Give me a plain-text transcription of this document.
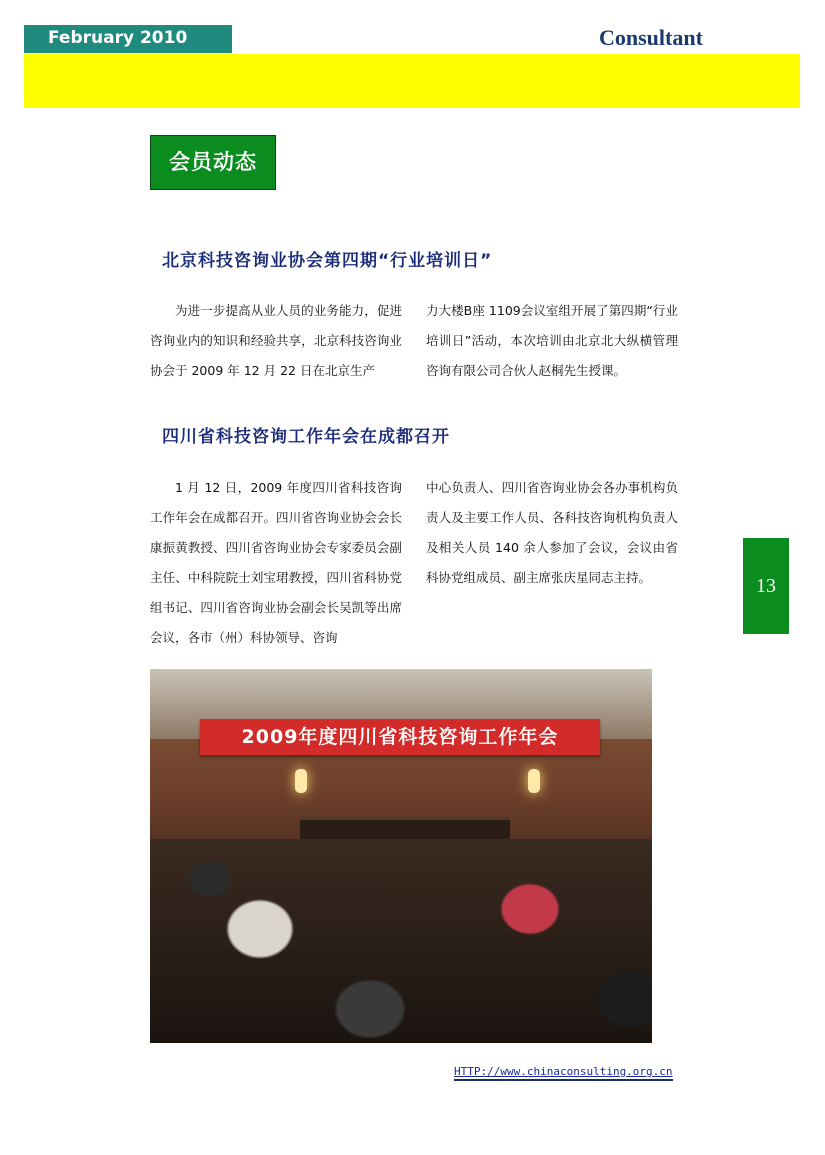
February 2010	Consultant
会员动态
北京科技咨询业协会第四期“行业培训日”

为进一步提高从业人员的业务能力，促进咨询业内的知识和经验共享，北京科技咨询业协会于 2009 年 12 月 22 日在北京生产

力大楼B座 1109会议室组开展了第四期“行业培训日”活动，本次培训由北京北大纵横管理咨询有限公司合伙人赵桐先生授课。

四川省科技咨询工作年会在成都召开

1 月 12 日，2009 年度四川省科技咨询工作年会在成都召开。四川省咨询业协会会长康振黄教授、四川省咨询业协会专家委员会副主任、中科院院士刘宝珺教授，四川省科协党组书记、四川省咨询业协会副会长吴凯等出席会议，各市（州）科协领导、咨询

中心负责人、四川省咨询业协会各办事机构负责人及主要工作人员、各科技咨询机构负责人及相关人员 140 余人参加了会议，会议由省科协党组成员、副主席张庆星同志主持。	13
2009年度四川省科技咨询工作年会
HTTP://www.chinaconsulting.org.cn
